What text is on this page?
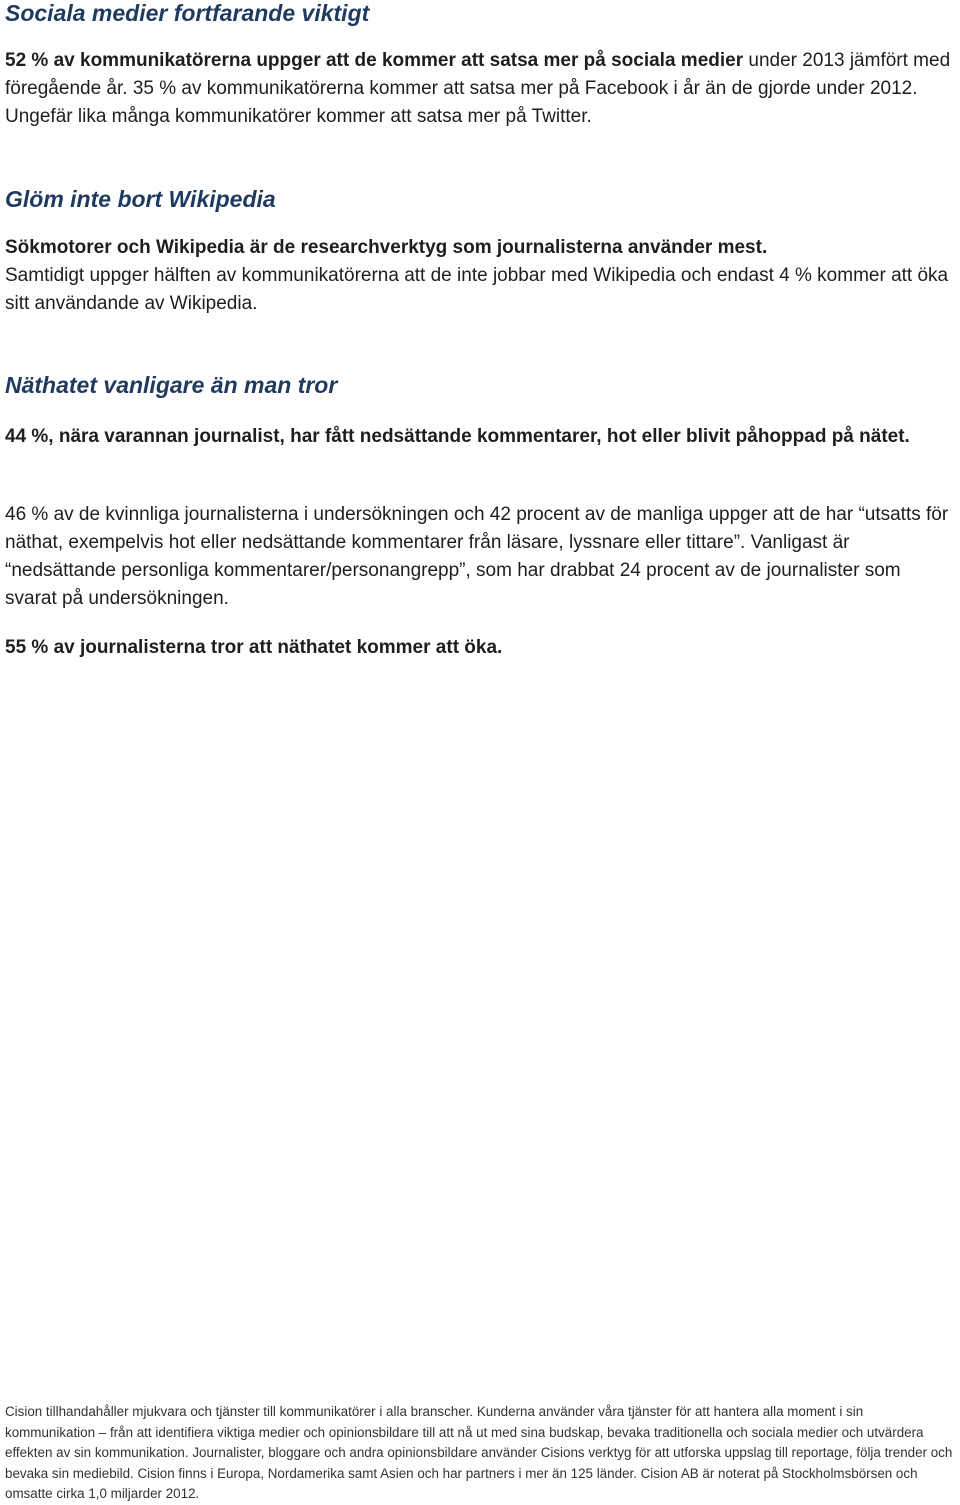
Sociala medier fortfarande viktigt

52 % av kommunikatörerna uppger att de kommer att satsa mer på sociala medier under 2013 jämfört med föregående år. 35 % av kommunikatörerna kommer att satsa mer på Facebook i år än de gjorde under 2012. Ungefär lika många kommunikatörer kommer att satsa mer på Twitter.

Glöm inte bort Wikipedia

Sökmotorer och Wikipedia är de researchverktyg som journalisterna använder mest.
Samtidigt uppger hälften av kommunikatörerna att de inte jobbar med Wikipedia och endast 4 % kommer att öka sitt användande av Wikipedia.

Näthatet vanligare än man tror

44 %, nära varannan journalist, har fått nedsättande kommentarer, hot eller blivit påhoppad på nätet.

46 % av de kvinnliga journalisterna i undersökningen och 42 procent av de manliga uppger att de har “utsatts för näthat, exempelvis hot eller nedsättande kommentarer från läsare, lyssnare eller tittare”. Vanligast är “nedsättande personliga kommentarer/personangrepp”, som har drabbat 24 procent av de journalister som svarat på undersökningen.

55 % av journalisterna tror att näthatet kommer att öka.

Cision tillhandahåller mjukvara och tjänster till kommunikatörer i alla branscher. Kunderna använder våra tjänster för att hantera alla moment i sin kommunikation – från att identifiera viktiga medier och opinionsbildare till att nå ut med sina budskap, bevaka traditionella och sociala medier och utvärdera effekten av sin kommunikation. Journalister, bloggare och andra opinionsbildare använder Cisions verktyg för att utforska uppslag till reportage, följa trender och bevaka sin mediebild. Cision finns i Europa, Nordamerika samt Asien och har partners i mer än 125 länder. Cision AB är noterat på Stockholmsbörsen och omsatte cirka 1,0 miljarder 2012.
